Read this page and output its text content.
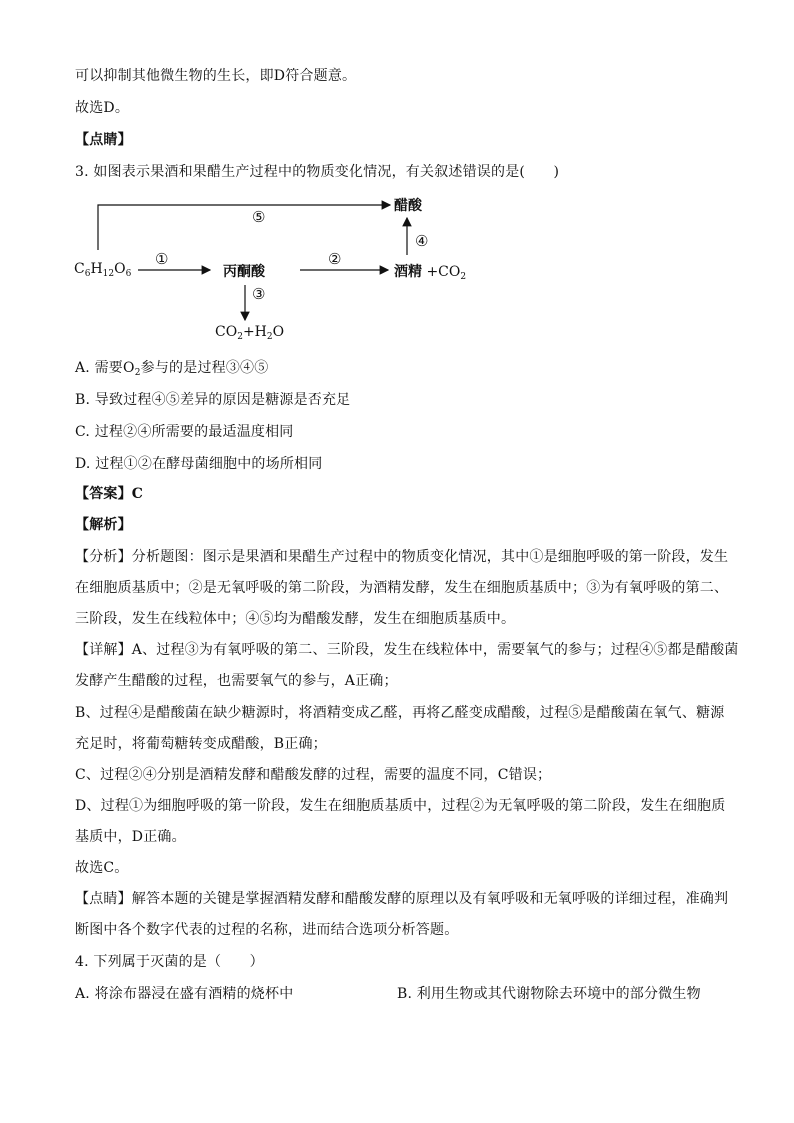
可以抑制其他微生物的生长，即D符合题意。
故选D。
【点睛】
3. 如图表示果酒和果醋生产过程中的物质变化情况，有关叙述错误的是(　　)
醋酸
⑤
$C_6H_{12}O_6$
①
丙酮酸
②
酒精 $+CO_2$
④
③
$CO_2+H_2O$
A. 需要$O_2$参与的是过程③④⑤
B. 导致过程④⑤差异的原因是糖源是否充足
C. 过程②④所需要的最适温度相同
D. 过程①②在酵母菌细胞中的场所相同
【答案】C
【解析】
【分析】分析题图：图示是果酒和果醋生产过程中的物质变化情况，其中①是细胞呼吸的第一阶段，发生
在细胞质基质中；②是无氧呼吸的第二阶段，为酒精发酵，发生在细胞质基质中；③为有氧呼吸的第二、
三阶段，发生在线粒体中；④⑤均为醋酸发酵，发生在细胞质基质中。
【详解】A、过程③为有氧呼吸的第二、三阶段，发生在线粒体中，需要氧气的参与；过程④⑤都是醋酸菌
发酵产生醋酸的过程，也需要氧气的参与，A正确；
B、过程④是醋酸菌在缺少糖源时，将酒精变成乙醛，再将乙醛变成醋酸，过程⑤是醋酸菌在氧气、糖源
充足时，将葡萄糖转变成醋酸，B正确；
C、过程②④分别是酒精发酵和醋酸发酵的过程，需要的温度不同，C错误；
D、过程①为细胞呼吸的第一阶段，发生在细胞质基质中，过程②为无氧呼吸的第二阶段，发生在细胞质
基质中，D正确。
故选C。
【点睛】解答本题的关键是掌握酒精发酵和醋酸发酵的原理以及有氧呼吸和无氧呼吸的详细过程，准确判
断图中各个数字代表的过程的名称，进而结合选项分析答题。
4. 下列属于灭菌的是（　　）
A. 将涂布器浸在盛有酒精的烧杯中	B. 利用生物或其代谢物除去环境中的部分微生物
